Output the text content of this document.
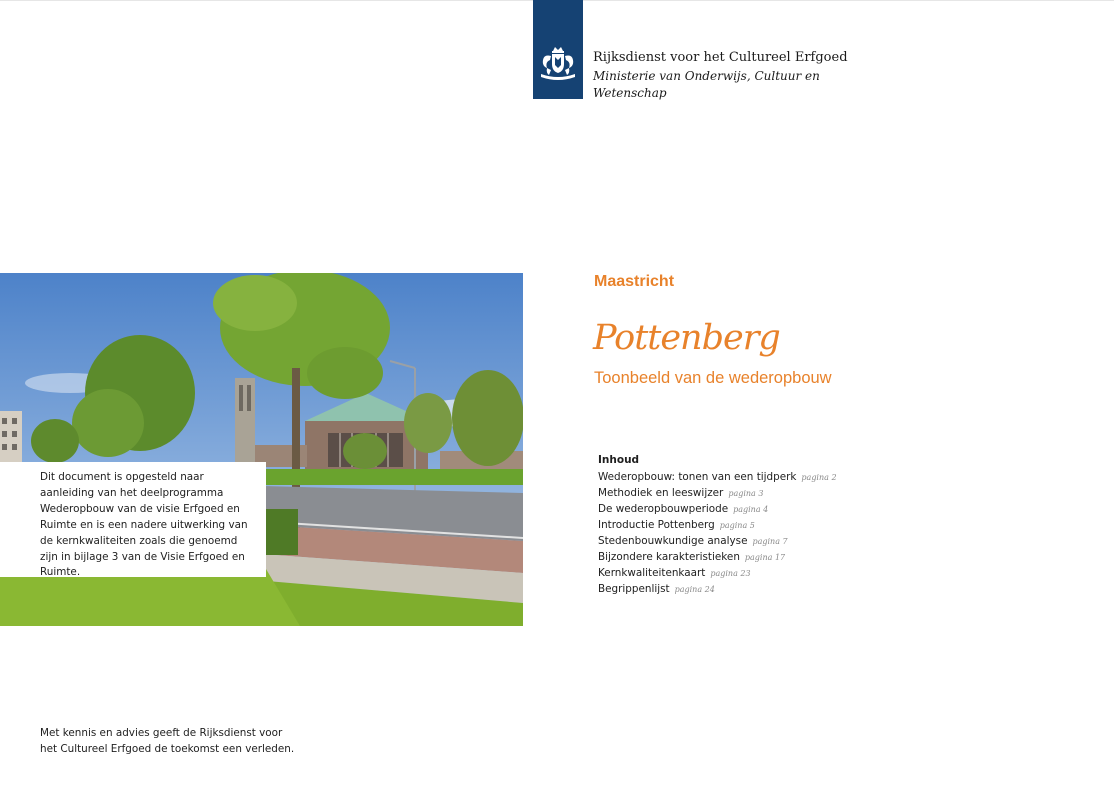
Rijksdienst voor het Cultureel Erfgoed
Ministerie van Onderwijs, Cultuur en Wetenschap
Dit document is opgesteld naar aanleiding van het deelprogramma Wederopbouw van de visie Erfgoed en Ruimte en is een nadere uitwerking van de kernkwaliteiten zoals die genoemd zijn in bijlage 3 van de Visie Erfgoed en Ruimte.
Maastricht
Pottenberg
Toonbeeld van de wederopbouw
Inhoud
Wederopbouw: tonen van een tijdperk pagina 2
Methodiek en leeswijzer pagina 3
De wederopbouwperiode pagina 4
Introductie Pottenberg pagina 5
Stedenbouwkundige analyse pagina 7
Bijzondere karakteristieken pagina 17
Kernkwaliteitenkaart pagina 23
Begrippenlijst pagina 24
Met kennis en advies geeft de Rijksdienst voor het Cultureel Erfgoed de toekomst een verleden.
